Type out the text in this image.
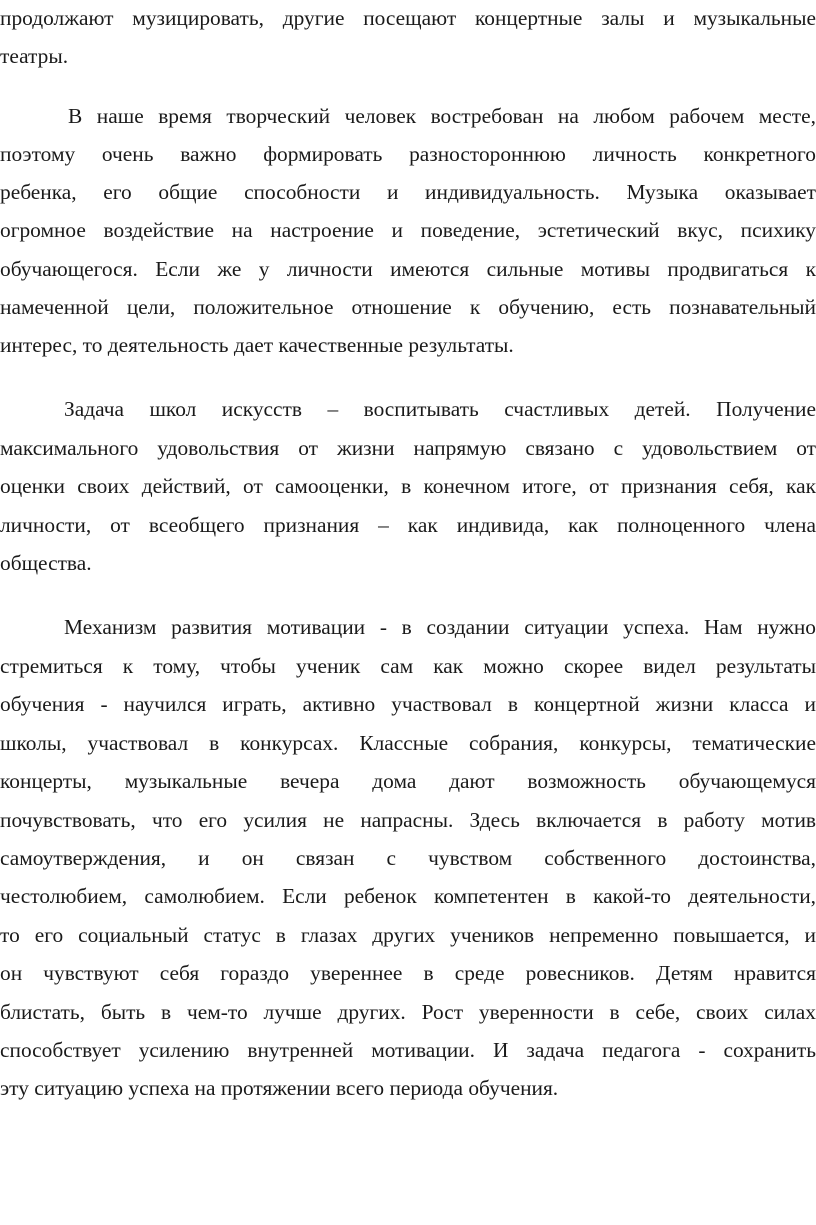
продолжают музицировать, другие посещают концертные залы и музыкальные

театры.

В наше время творческий человек востребован на любом рабочем месте,

поэтому очень важно формировать разностороннюю личность конкретного

ребенка, его общие способности и индивидуальность. Музыка оказывает

огромное воздействие на настроение и поведение, эстетический вкус, психику

обучающегося. Если же у личности имеются сильные мотивы продвигаться к

намеченной цели, положительное отношение к обучению, есть познавательный

интерес, то деятельность дает качественные результаты.

Задача школ искусств – воспитывать счастливых детей. Получение

максимального удовольствия от жизни напрямую связано с удовольствием от

оценки своих действий, от самооценки, в конечном итоге, от признания себя, как

личности, от всеобщего признания – как индивида, как полноценного члена

общества.

Механизм развития мотивации - в создании ситуации успеха. Нам нужно

стремиться к тому, чтобы ученик сам как можно скорее видел результаты

обучения - научился играть, активно участвовал в концертной жизни класса и

школы, участвовал в конкурсах. Классные собрания, конкурсы, тематические

концерты, музыкальные вечера дома дают возможность обучающемуся

почувствовать, что его усилия не напрасны. Здесь включается в работу мотив

самоутверждения, и он связан с чувством собственного достоинства,

честолюбием, самолюбием. Если ребенок компетентен в какой-то деятельности,

то его социальный статус в глазах других учеников непременно повышается, и

он чувствуют себя гораздо увереннее в среде ровесников. Детям нравится

блистать, быть в чем-то лучше других. Рост уверенности в себе, своих силах

способствует усилению внутренней мотивации. И задача педагога - сохранить

эту ситуацию успеха на протяжении всего периода обучения.
